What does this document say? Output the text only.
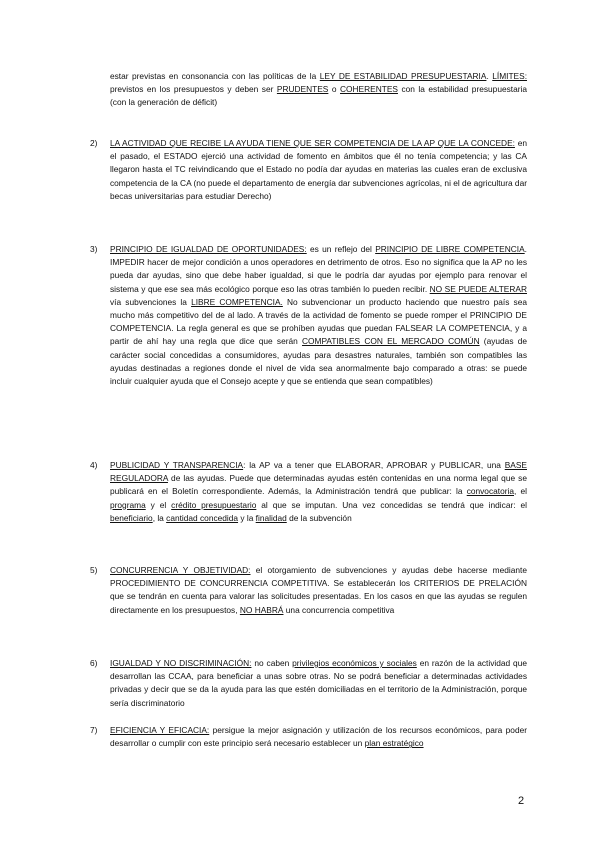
estar previstas en consonancia con las políticas de la LEY DE ESTABILIDAD PRESUPUESTARIA. LÍMITES: previstos en los presupuestos y deben ser PRUDENTES o COHERENTES con la estabilidad presupuestaria (con la generación de déficit)
2)	LA ACTIVIDAD QUE RECIBE LA AYUDA TIENE QUE SER COMPETENCIA DE LA AP QUE LA CONCEDE: en el pasado, el ESTADO ejerció una actividad de fomento en ámbitos que él no tenía competencia; y las CA llegaron hasta el TC reivindicando que el Estado no podía dar ayudas en materias las cuales eran de exclusiva competencia de la CA (no puede el departamento de energía dar subvenciones agrícolas, ni el de agricultura dar becas universitarias para estudiar Derecho)
3)	PRINCIPIO DE IGUALDAD DE OPORTUNIDADES: es un reflejo del PRINCIPIO DE LIBRE COMPETENCIA. IMPEDIR hacer de mejor condición a unos operadores en detrimento de otros. Eso no significa que la AP no les pueda dar ayudas, sino que debe haber igualdad, si que le podría dar ayudas por ejemplo para renovar el sistema y que ese sea más ecológico porque eso las otras también lo pueden recibir. NO SE PUEDE ALTERAR vía subvenciones la LIBRE COMPETENCIA. No subvencionar un producto haciendo que nuestro país sea mucho más competitivo del de al lado. A través de la actividad de fomento se puede romper el PRINCIPIO DE COMPETENCIA. La regla general es que se prohíben ayudas que puedan FALSEAR LA COMPETENCIA, y a partir de ahí hay una regla que dice que serán COMPATIBLES CON EL MERCADO COMÚN (ayudas de carácter social concedidas a consumidores, ayudas para desastres naturales, también son compatibles las ayudas destinadas a regiones donde el nivel de vida sea anormalmente bajo comparado a otras: se puede incluir cualquier ayuda que el Consejo acepte y que se entienda que sean compatibles)
4)	PUBLICIDAD Y TRANSPARENCIA: la AP va a tener que ELABORAR, APROBAR y PUBLICAR, una BASE REGULADORA de las ayudas. Puede que determinadas ayudas estén contenidas en una norma legal que se publicará en el Boletín correspondiente. Además, la Administración tendrá que publicar: la convocatoria, el programa y el crédito presupuestario al que se imputan. Una vez concedidas se tendrá que indicar: el beneficiario, la cantidad concedida y la finalidad de la subvención
5)	CONCURRENCIA Y OBJETIVIDAD: el otorgamiento de subvenciones y ayudas debe hacerse mediante PROCEDIMIENTO DE CONCURRENCIA COMPETITIVA. Se establecerán los CRITERIOS DE PRELACIÓN que se tendrán en cuenta para valorar las solicitudes presentadas. En los casos en que las ayudas se regulen directamente en los presupuestos, NO HABRÁ una concurrencia competitiva
6)	IGUALDAD Y NO DISCRIMINACIÓN: no caben privilegios económicos y sociales en razón de la actividad que desarrollan las CCAA, para beneficiar a unas sobre otras. No se podrá beneficiar a determinadas actividades privadas y decir que se da la ayuda para las que estén domiciliadas en el territorio de la Administración, porque sería discriminatorio
7)	EFICIENCIA Y EFICACIA: persigue la mejor asignación y utilización de los recursos económicos, para poder desarrollar o cumplir con este principio será necesario establecer un plan estratégico
2
